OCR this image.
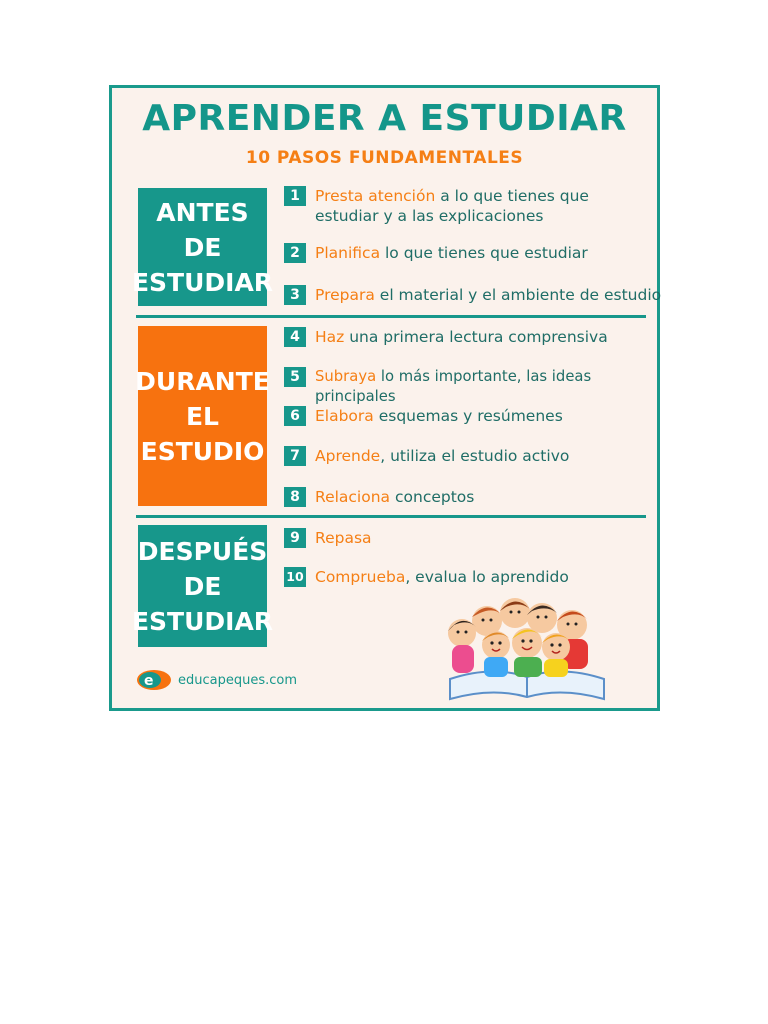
APRENDER A ESTUDIAR
10 PASOS FUNDAMENTALES
ANTES
DE
ESTUDIAR
DURANTE
EL
ESTUDIO
DESPUÉS
DE
ESTUDIAR
1 Presta atención a lo que tienes que estudiar y a las explicaciones
2 Planifica lo que tienes que estudiar
3 Prepara el material y el ambiente de estudio
4 Haz una primera lectura comprensiva
5	Subraya lo más importante, las ideas principales
6 Elabora esquemas y resúmenes
7 Aprende, utiliza el estudio activo
8 Relaciona conceptos
9 Repasa
10 Comprueba, evalua lo aprendido
e educapeques.com
